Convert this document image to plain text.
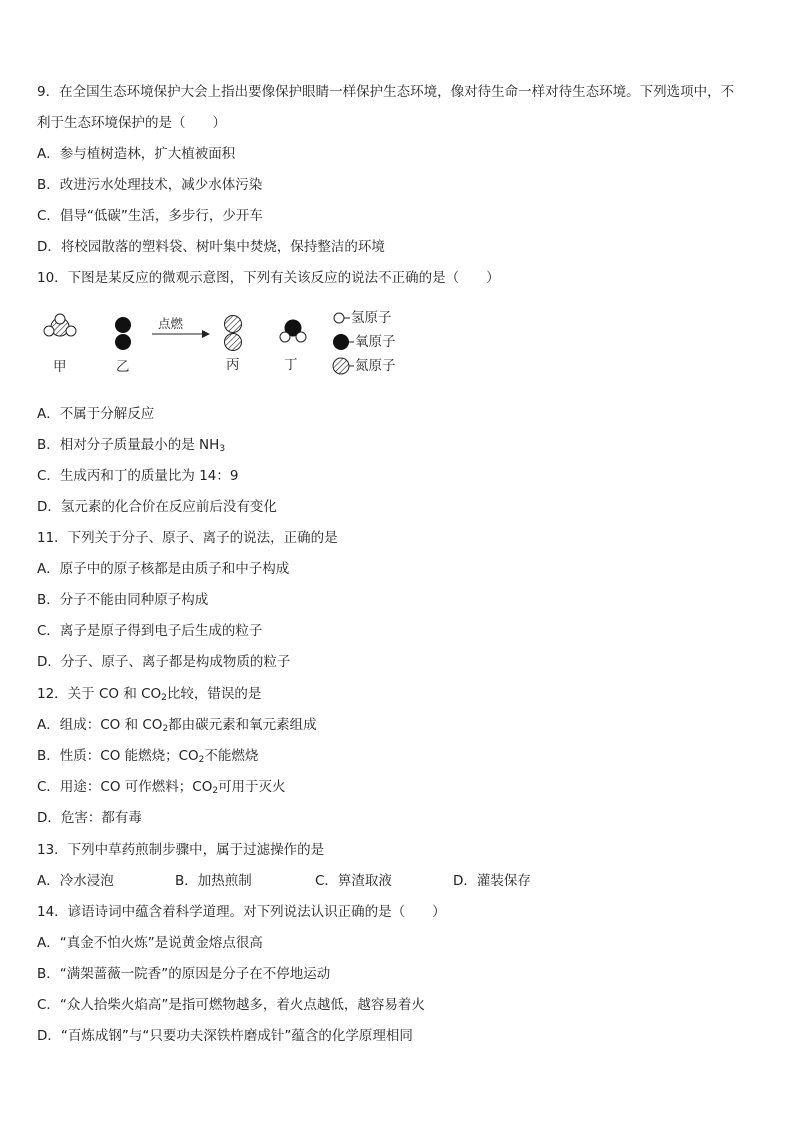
9．在全国生态环境保护大会上指出要像保护眼睛一样保护生态环境，像对待生命一样对待生态环境。下列选项中，不
利于生态环境保护的是（　　）
A．参与植树造林，扩大植被面积
B．改进污水处理技术，减少水体污染
C．倡导“低碳”生活，多步行，少开车
D．将校园散落的塑料袋、树叶集中焚烧，保持整洁的环境
10．下图是某反应的微观示意图，下列有关该反应的说法不正确的是（　　）
甲	乙	丙	丁
点燃	氢原子
氧原子
氮原子
A．不属于分解反应
B．相对分子质量最小的是 $NH_3$
C．生成丙和丁的质量比为 14：9
D．氢元素的化合价在反应前后没有变化
11．下列关于分子、原子、离子的说法，正确的是
A．原子中的原子核都是由质子和中子构成
B．分子不能由同种原子构成
C．离子是原子得到电子后生成的粒子
D．分子、原子、离子都是构成物质的粒子
12．关于 CO 和 $CO_2$比较，错误的是
A．组成：CO 和 $CO_2$都由碳元素和氧元素组成
B．性质：CO 能燃烧；$CO_2$不能燃烧
C．用途：CO 可作燃料；$CO_2$可用于灭火
D．危害：都有毒
13．下列中草药煎制步骤中，属于过滤操作的是
A．冷水浸泡	B．加热煎制	C．箅渣取液	D．灌装保存
14．谚语诗词中蕴含着科学道理。对下列说法认识正确的是（　　）
A．“真金不怕火炼”是说黄金熔点很高
B．“满架蔷薇一院香”的原因是分子在不停地运动
C．“众人拾柴火焰高”是指可燃物越多，着火点越低，越容易着火
D．“百炼成钢”与“只要功夫深铁杵磨成针”蕴含的化学原理相同
